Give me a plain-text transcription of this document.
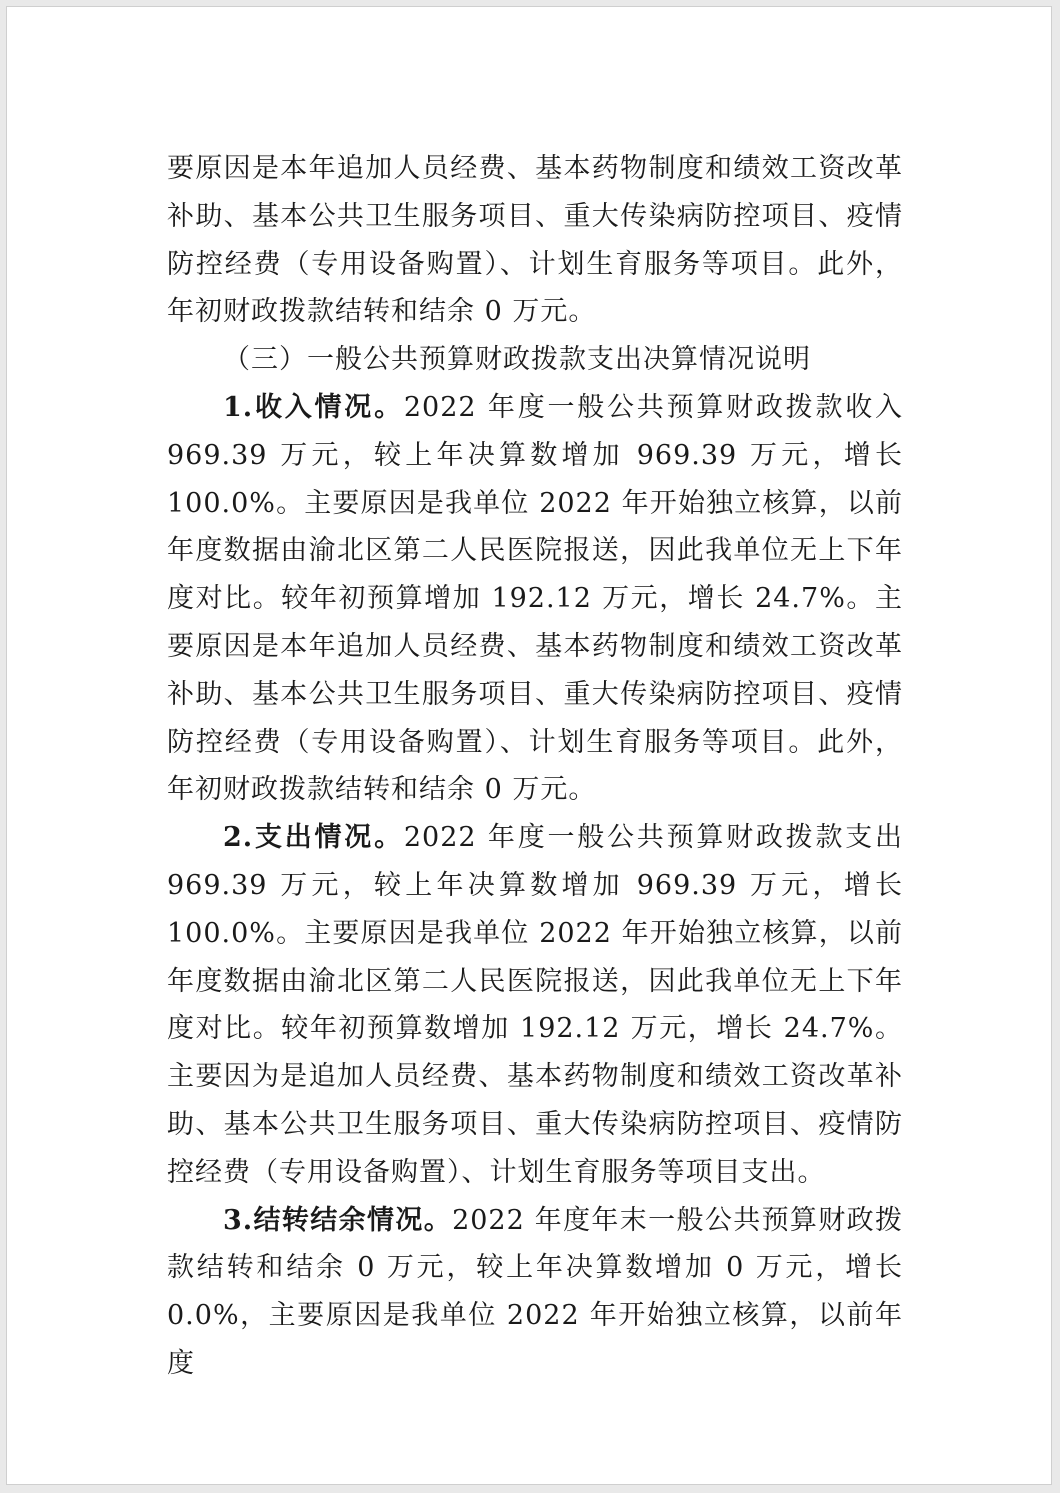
要原因是本年追加人员经费、基本药物制度和绩效工资改革补助、基本公共卫生服务项目、重大传染病防控项目、疫情防控经费（专用设备购置）、计划生育服务等项目。此外，年初财政拨款结转和结余 0 万元。

（三）一般公共预算财政拨款支出决算情况说明

1.收入情况。2022 年度一般公共预算财政拨款收入 969.39 万元，较上年决算数增加 969.39 万元，增长 100.0%。主要原因是我单位 2022 年开始独立核算，以前年度数据由渝北区第二人民医院报送，因此我单位无上下年度对比。较年初预算增加 192.12 万元，增长 24.7%。主要原因是本年追加人员经费、基本药物制度和绩效工资改革补助、基本公共卫生服务项目、重大传染病防控项目、疫情防控经费（专用设备购置）、计划生育服务等项目。此外，年初财政拨款结转和结余 0 万元。

2.支出情况。2022 年度一般公共预算财政拨款支出 969.39 万元，较上年决算数增加 969.39 万元，增长 100.0%。主要原因是我单位 2022 年开始独立核算，以前年度数据由渝北区第二人民医院报送，因此我单位无上下年度对比。较年初预算数增加 192.12 万元，增长 24.7%。主要因为是追加人员经费、基本药物制度和绩效工资改革补助、基本公共卫生服务项目、重大传染病防控项目、疫情防控经费（专用设备购置）、计划生育服务等项目支出。

3.结转结余情况。2022 年度年末一般公共预算财政拨款结转和结余 0 万元，较上年决算数增加 0 万元，增长 0.0%，主要原因是我单位 2022 年开始独立核算，以前年度
